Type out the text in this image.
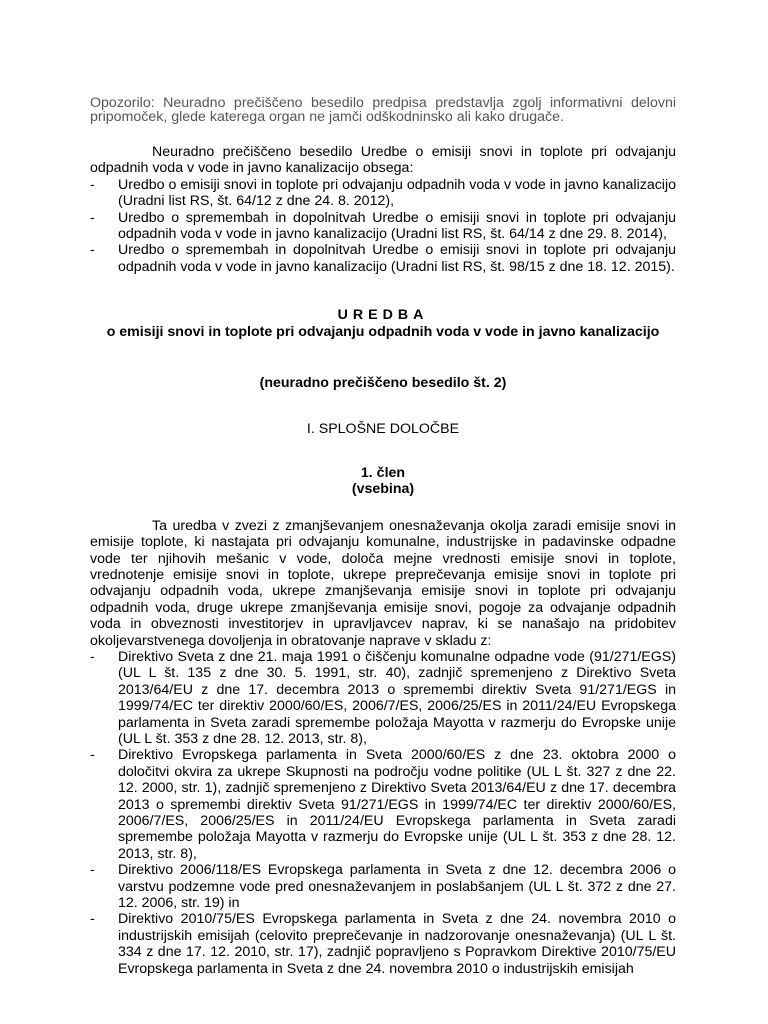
Opozorilo: Neuradno prečiščeno besedilo predpisa predstavlja zgolj informativni delovni pripomoček, glede katerega organ ne jamči odškodninsko ali kako drugače.

Neuradno prečiščeno besedilo Uredbe o emisiji snovi in toplote pri odvajanju odpadnih voda v vode in javno kanalizacijo obsega:

- Uredbo o emisiji snovi in toplote pri odvajanju odpadnih voda v vode in javno kanalizacijo (Uradni list RS, št. 64/12 z dne 24. 8. 2012),
- Uredbo o spremembah in dopolnitvah Uredbe o emisiji snovi in toplote pri odvajanju odpadnih voda v vode in javno kanalizacijo (Uradni list RS, št. 64/14 z dne 29. 8. 2014),
- Uredbo o spremembah in dopolnitvah Uredbe o emisiji snovi in toplote pri odvajanju odpadnih voda v vode in javno kanalizacijo (Uradni list RS, št. 98/15 z dne 18. 12. 2015).

UREDBA

o emisiji snovi in toplote pri odvajanju odpadnih voda v vode in javno kanalizacijo

(neuradno prečiščeno besedilo št. 2)

I. SPLOŠNE DOLOČBE

1. člen

(vsebina)

Ta uredba v zvezi z zmanjševanjem onesnaževanja okolja zaradi emisije snovi in emisije toplote, ki nastajata pri odvajanju komunalne, industrijske in padavinske odpadne vode ter njihovih mešanic v vode, določa mejne vrednosti emisije snovi in toplote, vrednotenje emisije snovi in toplote, ukrepe preprečevanja emisije snovi in toplote pri odvajanju odpadnih voda, ukrepe zmanjševanja emisije snovi in toplote pri odvajanju odpadnih voda, druge ukrepe zmanjševanja emisije snovi, pogoje za odvajanje odpadnih voda in obveznosti investitorjev in upravljavcev naprav, ki se nanašajo na pridobitev okoljevarstvenega dovoljenja in obratovanje naprave v skladu z:

- Direktivo Sveta z dne 21. maja 1991 o čiščenju komunalne odpadne vode (91/271/EGS) (UL L št. 135 z dne 30. 5. 1991, str. 40), zadnjič spremenjeno z Direktivo Sveta 2013/64/EU z dne 17. decembra 2013 o spremembi direktiv Sveta 91/271/EGS in 1999/74/EC ter direktiv 2000/60/ES, 2006/7/ES, 2006/25/ES in 2011/24/EU Evropskega parlamenta in Sveta zaradi spremembe položaja Mayotta v razmerju do Evropske unije (UL L št. 353 z dne 28. 12. 2013, str. 8),
- Direktivo Evropskega parlamenta in Sveta 2000/60/ES z dne 23. oktobra 2000 o določitvi okvira za ukrepe Skupnosti na področju vodne politike (UL L št. 327 z dne 22. 12. 2000, str. 1), zadnjič spremenjeno z Direktivo Sveta 2013/64/EU z dne 17. decembra 2013 o spremembi direktiv Sveta 91/271/EGS in 1999/74/EC ter direktiv 2000/60/ES, 2006/7/ES, 2006/25/ES in 2011/24/EU Evropskega parlamenta in Sveta zaradi spremembe položaja Mayotta v razmerju do Evropske unije (UL L št. 353 z dne 28. 12. 2013, str. 8),
- Direktivo 2006/118/ES Evropskega parlamenta in Sveta z dne 12. decembra 2006 o varstvu podzemne vode pred onesnaževanjem in poslabšanjem (UL L št. 372 z dne 27. 12. 2006, str. 19) in
- Direktivo 2010/75/ES Evropskega parlamenta in Sveta z dne 24. novembra 2010 o industrijskih emisijah (celovito preprečevanje in nadzorovanje onesnaževanja) (UL L št. 334 z dne 17. 12. 2010, str. 17), zadnjič popravljeno s Popravkom Direktive 2010/75/EU Evropskega parlamenta in Sveta z dne 24. novembra 2010 o industrijskih emisijah
